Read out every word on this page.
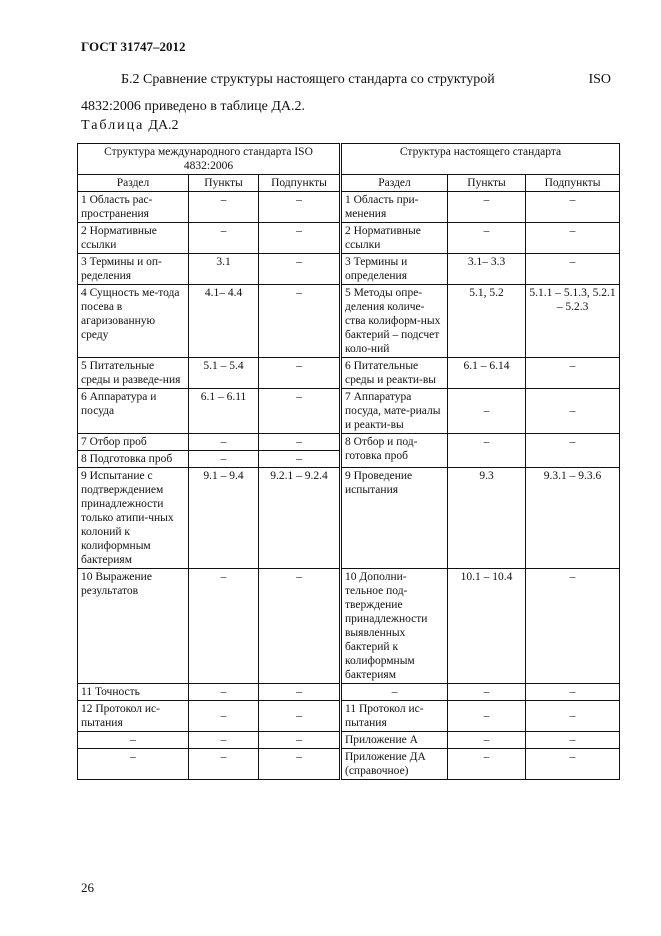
ГОСТ 31747–2012
Б.2 Сравнение структуры настоящего стандарта со структурой	ISO
4832:2006 приведено в таблице ДА.2.
Таблица ДА.2
Структура международного стандарта ISO 4832:2006			Структура настоящего стандарта		
Раздел	Пункты	Подпункты	Раздел	Пункты	Подпункты
1 Область рас-пространения	–	–	1 Область при-менения	–	–
2 Нормативные ссылки	–	–	2 Нормативные ссылки	–	–
3 Термины и оп-ределения	3.1	–	3 Термины и определения	3.1– 3.3	–
4 Сущность ме-тода посева в агаризованную среду	4.1– 4.4	–	5 Методы опре-деления количе-ства колиформ-ных бактерий – подсчет коло-ний	5.1, 5.2	5.1.1 – 5.1.3, 5.2.1 – 5.2.3
5 Питательные среды и разведе-ния	5.1 – 5.4	–	6 Питательные среды и реакти-вы	6.1 – 6.14	–
6 Аппаратура и посуда	6.1 – 6.11	–	7 Аппаратура посуда, мате-риалы и реакти-вы	–	–
7 Отбор проб	–	–	8 Отбор и под-готовка проб	–	–
8 Подготовка проб	–	–			
9 Испытание с подтверждением принадлежности только атипи-чных колоний к колиформным бактериям	9.1 – 9.4	9.2.1 – 9.2.4	9 Проведение испытания	9.3	9.3.1 – 9.3.6
10 Выражение результатов	–	–	10 Дополни-тельное под-тверждение принадлежности выявленных бактерий к колиформным бактериям	10.1 – 10.4	–
11 Точность	–	–	–	–	–
12 Протокол ис-пытания	–	–	11 Протокол ис-пытания	–	–
–	–	–	Приложение А	–	–
–	–	–	Приложение ДА (справочное)	–	–
26
